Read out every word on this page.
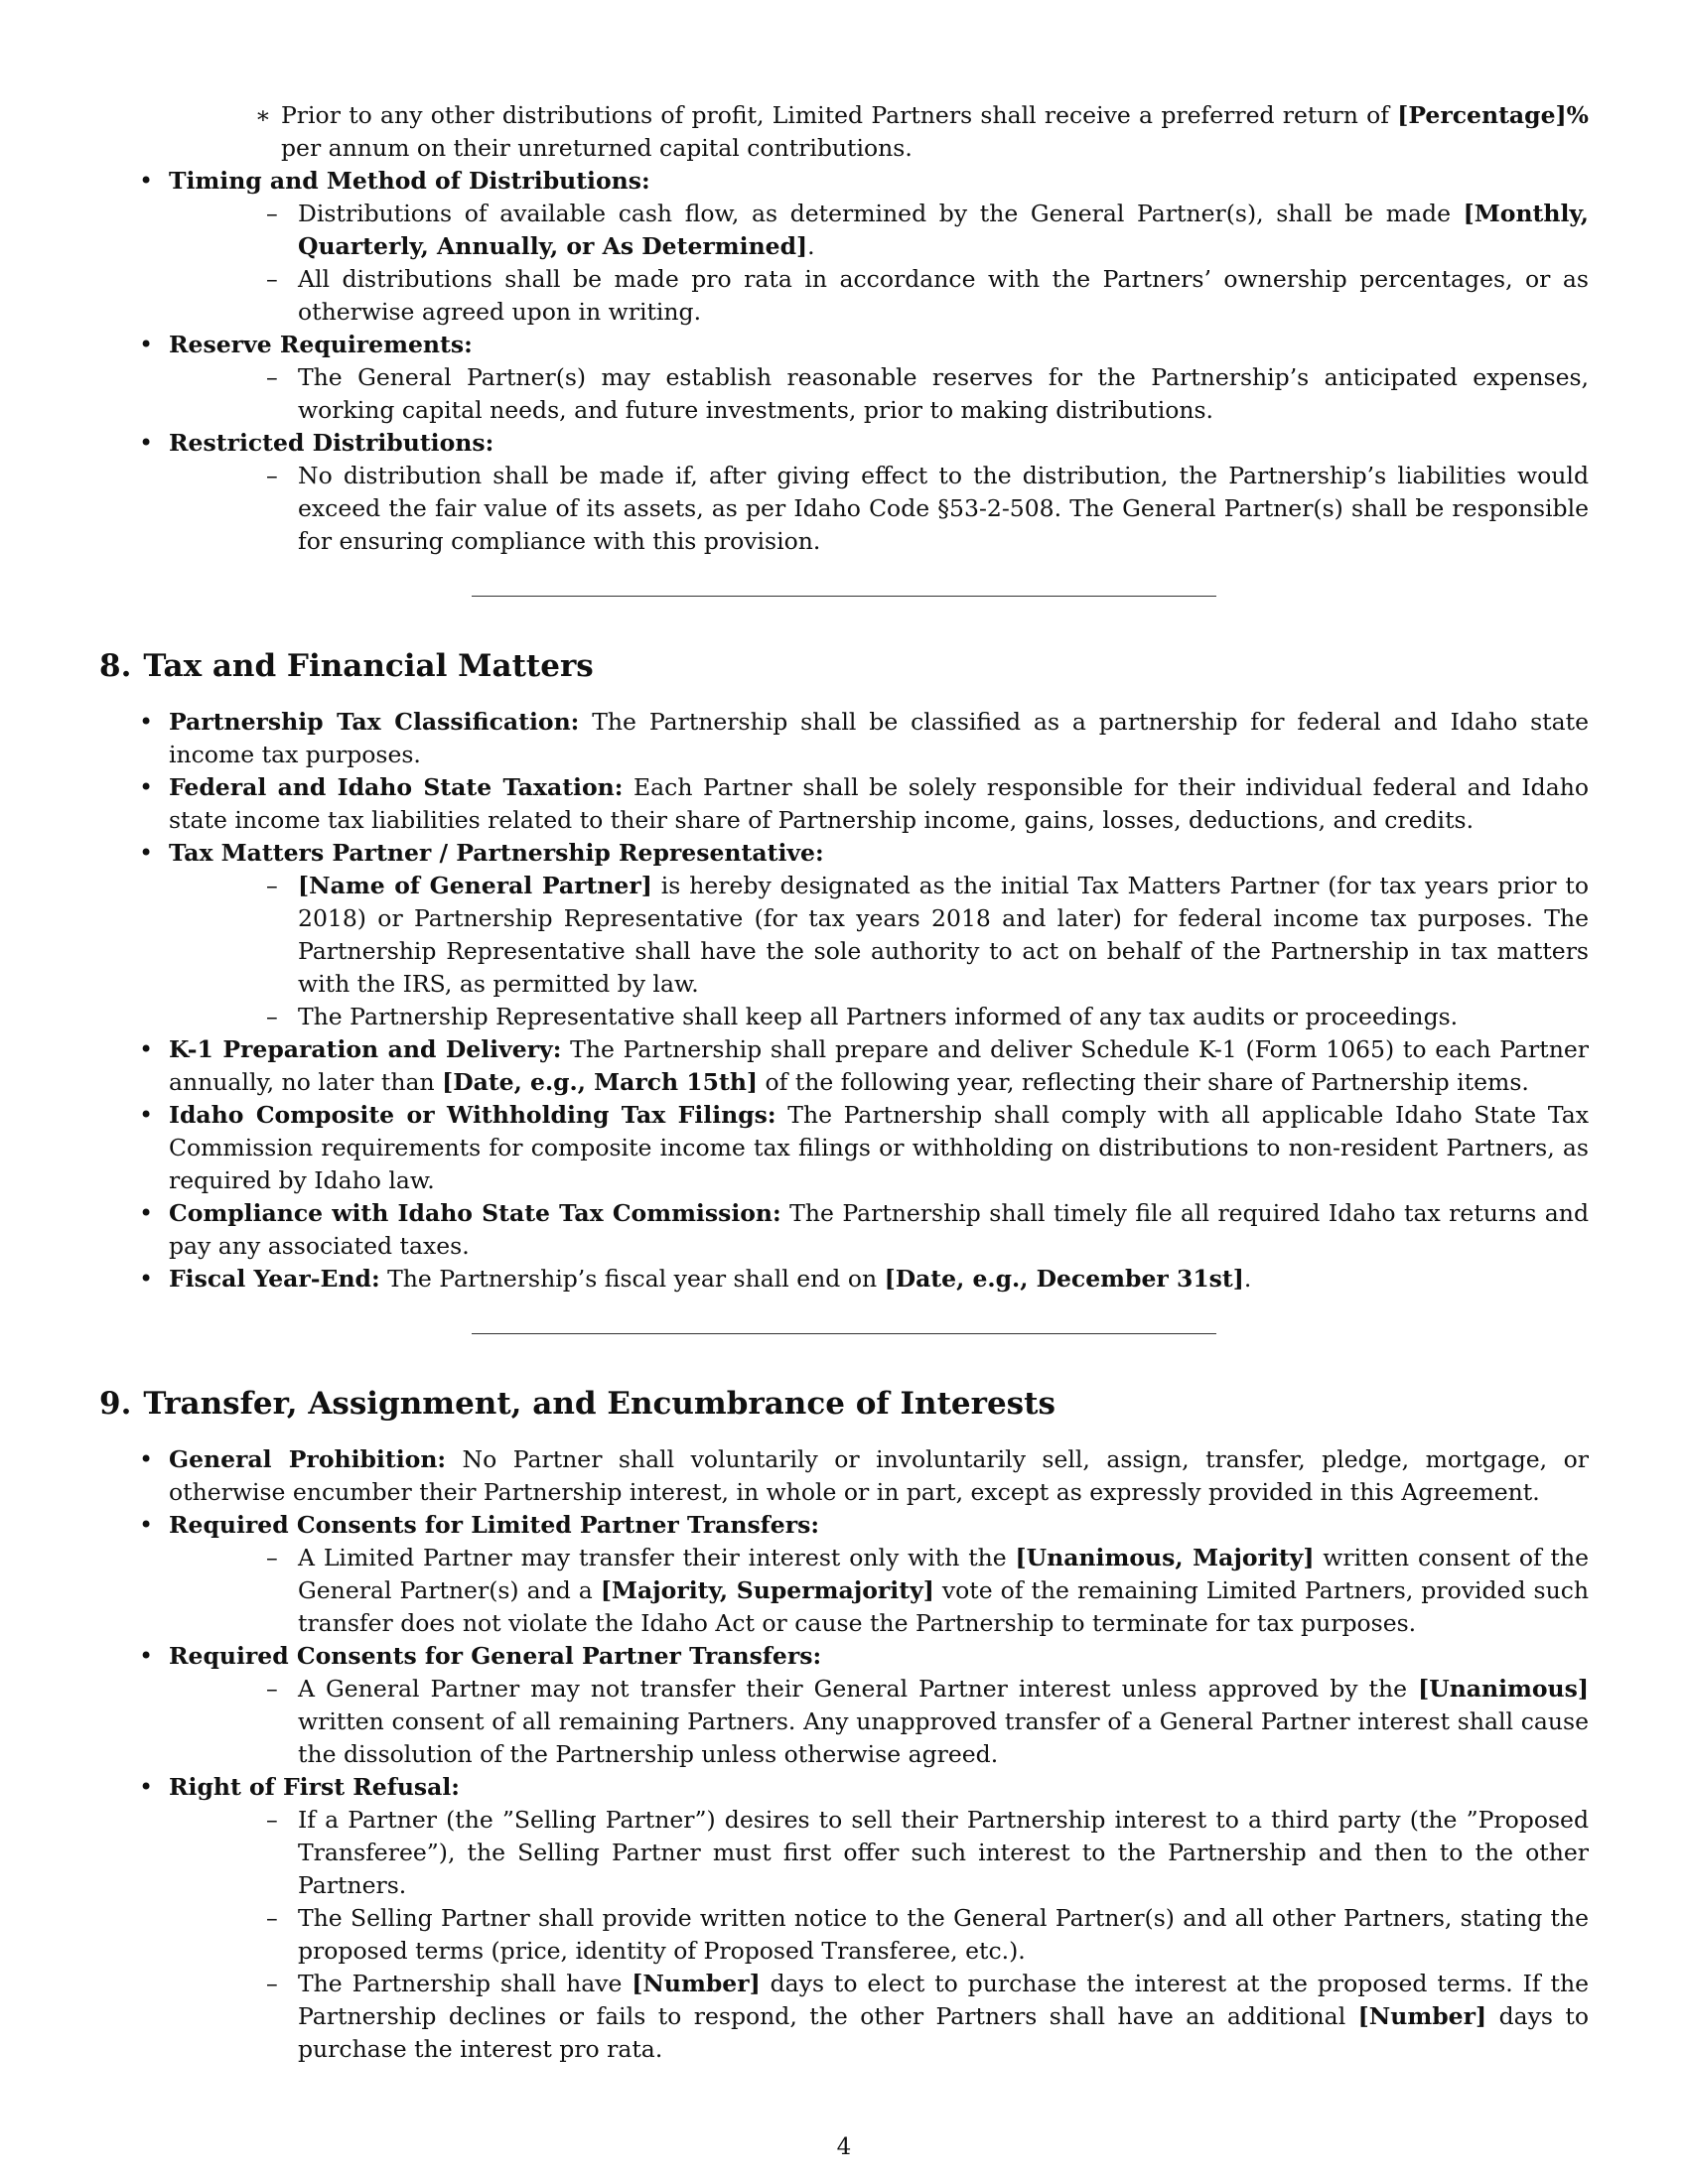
∗ Prior to any other distributions of profit, Limited Partners shall receive a preferred return of [Percentage]% per annum on their unreturned capital contributions.
• Timing and Method of Distributions:
– Distributions of available cash flow, as determined by the General Partner(s), shall be made [Monthly, Quarterly, Annually, or As Determined].
– All distributions shall be made pro rata in accordance with the Partners’ ownership percentages, or as otherwise agreed upon in writing.
• Reserve Requirements:
– The General Partner(s) may establish reasonable reserves for the Partnership’s anticipated expenses, working capital needs, and future investments, prior to making distributions.
• Restricted Distributions:
– No distribution shall be made if, after giving effect to the distribution, the Partnership’s liabilities would exceed the fair value of its assets, as per Idaho Code §53-2-508. The General Partner(s) shall be responsible for ensuring compliance with this provision.
8. Tax and Financial Matters
• Partnership Tax Classification: The Partnership shall be classified as a partnership for federal and Idaho state income tax purposes.
• Federal and Idaho State Taxation: Each Partner shall be solely responsible for their individual federal and Idaho state income tax liabilities related to their share of Partnership income, gains, losses, deductions, and credits.
• Tax Matters Partner / Partnership Representative:
– [Name of General Partner] is hereby designated as the initial Tax Matters Partner (for tax years prior to 2018) or Partnership Representative (for tax years 2018 and later) for federal income tax purposes. The Partnership Representative shall have the sole authority to act on behalf of the Partnership in tax matters with the IRS, as permitted by law.
– The Partnership Representative shall keep all Partners informed of any tax audits or proceedings.
• K-1 Preparation and Delivery: The Partnership shall prepare and deliver Schedule K-1 (Form 1065) to each Partner annually, no later than [Date, e.g., March 15th] of the following year, reflecting their share of Partnership items.
• Idaho Composite or Withholding Tax Filings: The Partnership shall comply with all applicable Idaho State Tax Commission requirements for composite income tax filings or withholding on distributions to non-resident Partners, as required by Idaho law.
• Compliance with Idaho State Tax Commission: The Partnership shall timely file all required Idaho tax returns and pay any associated taxes.
• Fiscal Year-End: The Partnership’s fiscal year shall end on [Date, e.g., December 31st].
9. Transfer, Assignment, and Encumbrance of Interests
• General Prohibition: No Partner shall voluntarily or involuntarily sell, assign, transfer, pledge, mortgage, or otherwise encumber their Partnership interest, in whole or in part, except as expressly provided in this Agreement.
• Required Consents for Limited Partner Transfers:
– A Limited Partner may transfer their interest only with the [Unanimous, Majority] written consent of the General Partner(s) and a [Majority, Supermajority] vote of the remaining Limited Partners, provided such transfer does not violate the Idaho Act or cause the Partnership to terminate for tax purposes.
• Required Consents for General Partner Transfers:
– A General Partner may not transfer their General Partner interest unless approved by the [Unanimous] written consent of all remaining Partners. Any unapproved transfer of a General Partner interest shall cause the dissolution of the Partnership unless otherwise agreed.
• Right of First Refusal:
– If a Partner (the ”Selling Partner”) desires to sell their Partnership interest to a third party (the ”Proposed Transferee”), the Selling Partner must first offer such interest to the Partnership and then to the other Partners.
– The Selling Partner shall provide written notice to the General Partner(s) and all other Partners, stating the proposed terms (price, identity of Proposed Transferee, etc.).
– The Partnership shall have [Number] days to elect to purchase the interest at the proposed terms. If the Partnership declines or fails to respond, the other Partners shall have an additional [Number] days to purchase the interest pro rata.
4
